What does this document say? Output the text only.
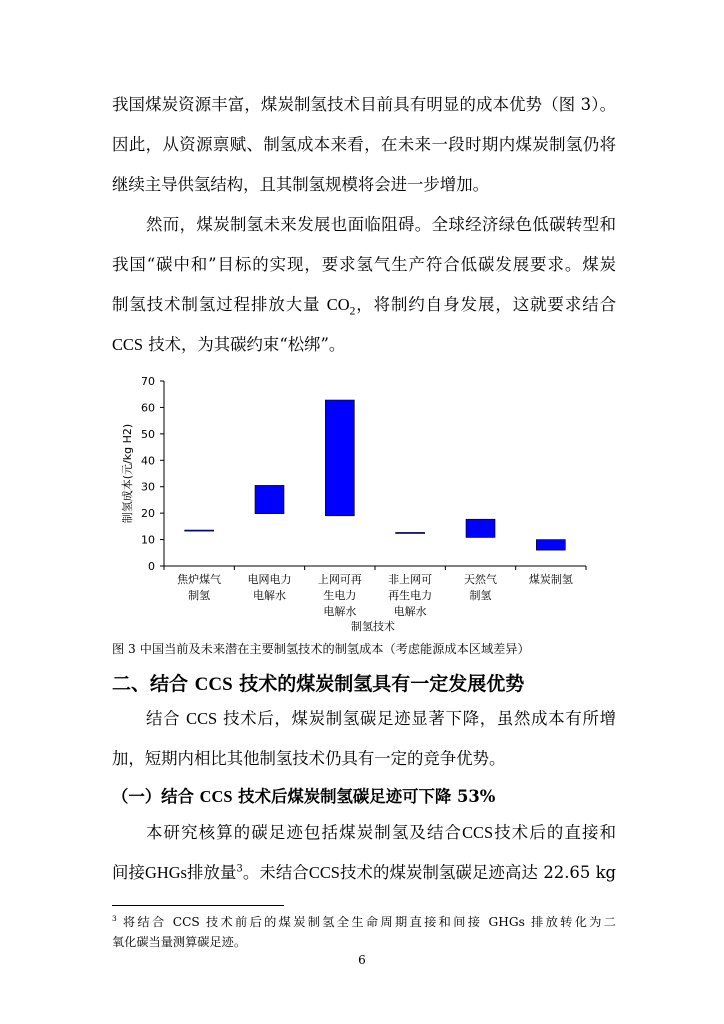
我国煤炭资源丰富，煤炭制氢技术目前具有明显的成本优势（图 3）。
因此，从资源禀赋、制氢成本来看，在未来一段时期内煤炭制氢仍将
继续主导供氢结构，且其制氢规模将会进一步增加。
然而，煤炭制氢未来发展也面临阻碍。全球经济绿色低碳转型和
我国“碳中和”目标的实现，要求氢气生产符合低碳发展要求。煤炭
制氢技术制氢过程排放大量 $CO_2$，将制约自身发展，这就要求结合
CCS 技术，为其碳约束“松绑”。
0
10
20
30
40
50
60
70
焦炉煤气
制氢
电网电力
电解水
上网可再
生电力
电解水
非上网可
再生电力
电解水
天然气
制氢
煤炭制氢
制氢技术
制氢成本(元/kg H2)
图 3 中国当前及未来潜在主要制氢技术的制氢成本（考虑能源成本区域差异）
二、结合 CCS 技术的煤炭制氢具有一定发展优势
结合 CCS 技术后，煤炭制氢碳足迹显著下降，虽然成本有所增
加，短期内相比其他制氢技术仍具有一定的竞争优势。
（一）结合 CCS 技术后煤炭制氢碳足迹可下降 53%
本研究核算的碳足迹包括煤炭制氢及结合CCS技术后的直接和
间接GHGs排放量$^3$。未结合CCS技术的煤炭制氢碳足迹高达 22.65 kg
$^3$ 将结合 CCS 技术前后的煤炭制氢全生命周期直接和间接 GHGs 排放转化为二
氧化碳当量测算碳足迹。
6
